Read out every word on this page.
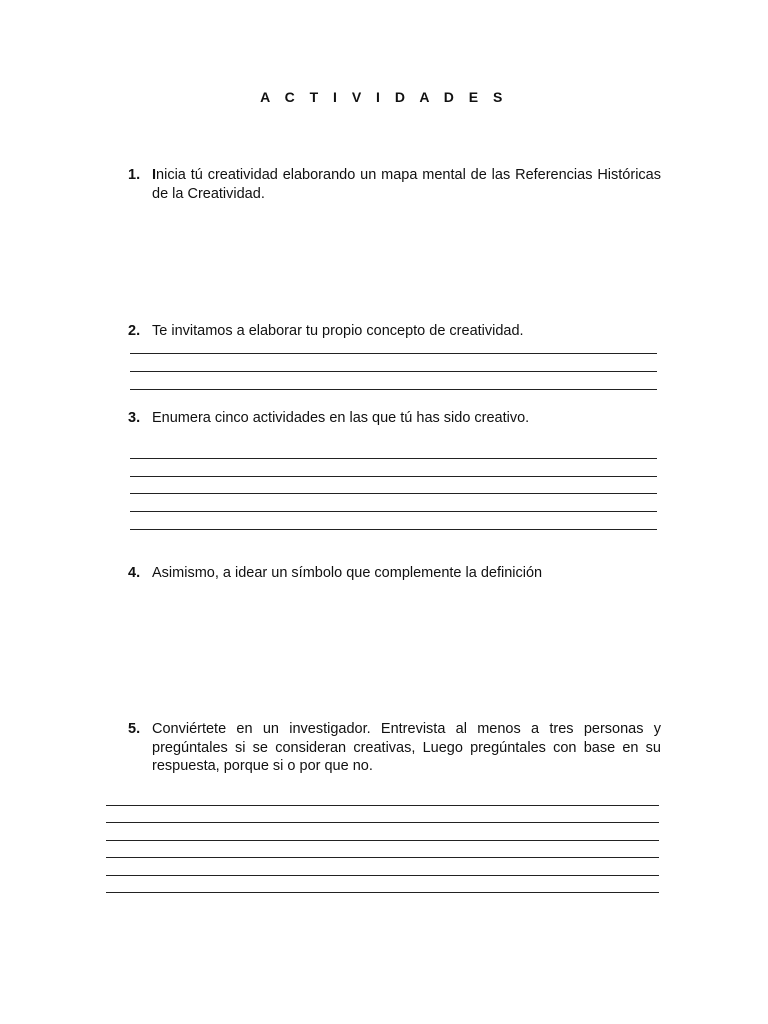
A C T I V I D A D E S
1. Inicia tú creatividad elaborando un mapa mental de las Referencias Históricas de la Creatividad.
2. Te invitamos a elaborar tu propio concepto de creatividad.
3. Enumera cinco actividades en las que tú has sido creativo.
4. Asimismo, a idear un símbolo que complemente la definición
5. Conviértete en un investigador. Entrevista al menos a tres personas y pregúntales si se consideran creativas, Luego pregúntales con base en su respuesta, porque si o por que no.
